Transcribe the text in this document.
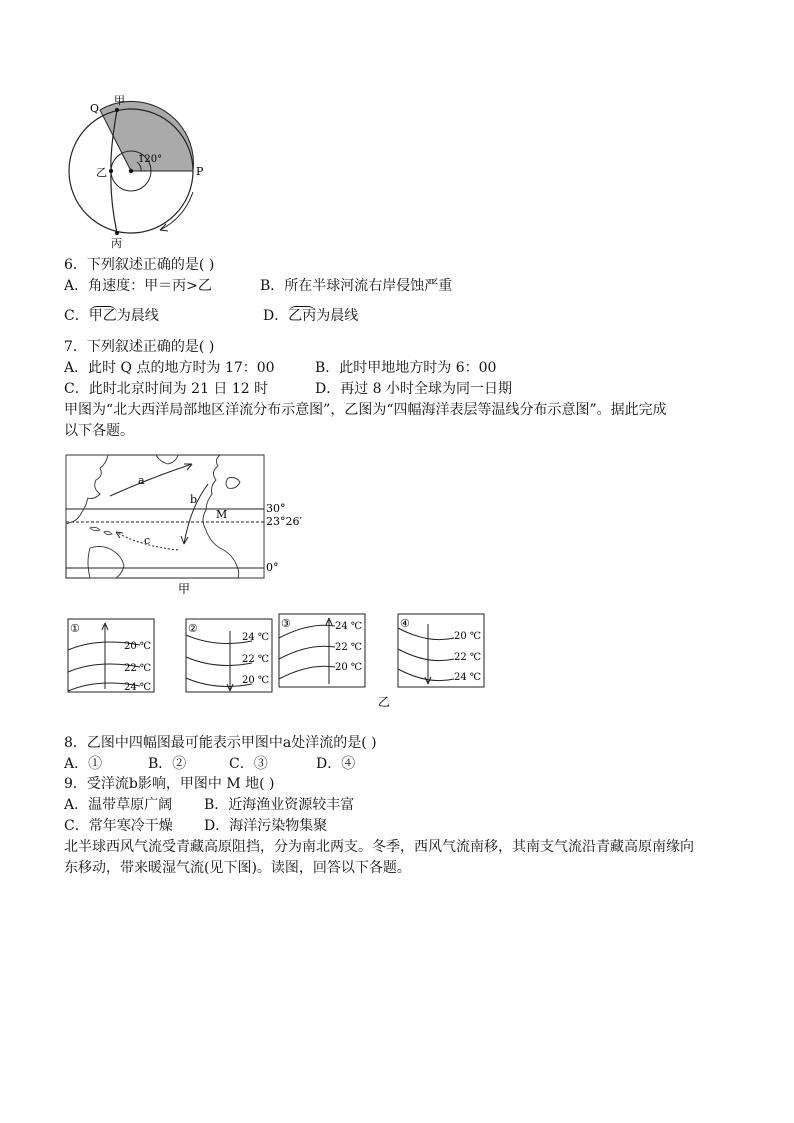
甲
Q
乙	P
丙
120°
6．下列叙述正确的是( )
A．角速度：甲＝丙>乙	B．所在半球河流右岸侵蚀严重
C．甲乙为晨线	D．乙丙为晨线
7．下列叙述正确的是( )
A．此时 Q 点的地方时为 17：00	B．此时甲地地方时为 6：00
C．此时北京时间为 21 日 12 时	D．再过 8 小时全球为同一日期
甲图为“北大西洋局部地区洋流分布示意图”，乙图为“四幅海洋表层等温线分布示意图”。据此完成
以下各题。
a
b
c
M	30°
23°26′
0°
甲
①
20 ℃
22 ℃
24 ℃
②
24 ℃
22 ℃
20 ℃
③	24 ℃
22 ℃
20 ℃
④
20 ℃
22 ℃
24 ℃
乙
8．乙图中四幅图最可能表示甲图中a处洋流的是( )
A．①	B．②	C．③	D．④
9．受洋流b影响，甲图中 M 地( )
A．温带草原广阔 B．近海渔业资源较丰富
C．常年寒冷干燥 D．海洋污染物集聚
北半球西风气流受青藏高原阻挡，分为南北两支。冬季，西风气流南移，其南支气流沿青藏高原南缘向
东移动，带来暖湿气流(见下图)。读图，回答以下各题。
